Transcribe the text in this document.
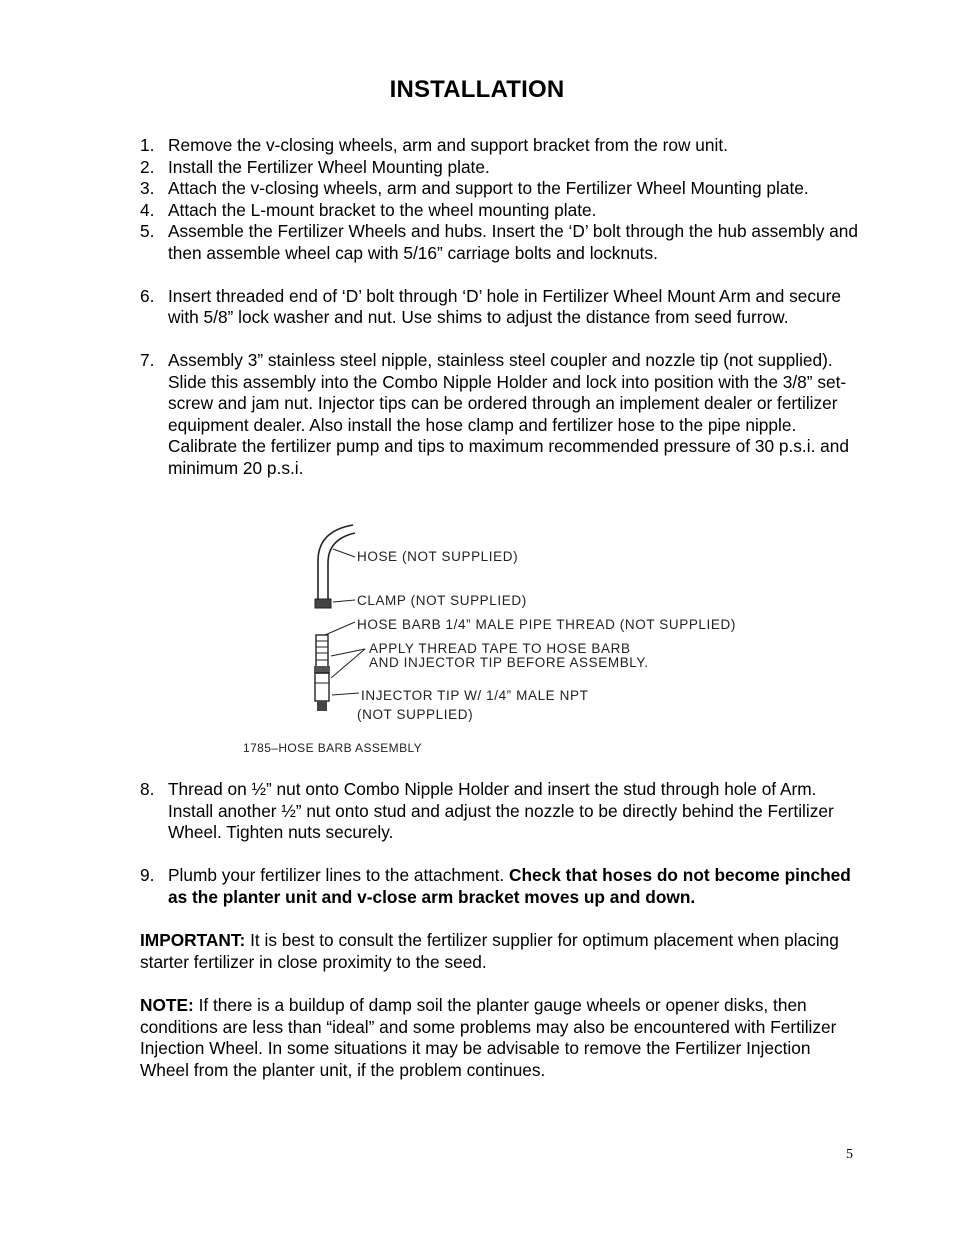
INSTALLATION
1. Remove the v-closing wheels, arm and support bracket from the row unit.
2. Install the Fertilizer Wheel Mounting plate.
3. Attach the v-closing wheels, arm and support to the Fertilizer Wheel Mounting plate.
4. Attach the L-mount bracket to the wheel mounting plate.
5. Assemble the Fertilizer Wheels and hubs. Insert the ‘D’ bolt through the hub assembly and then assemble wheel cap with 5/16” carriage bolts and locknuts.
6. Insert threaded end of ‘D’ bolt through ‘D’ hole in Fertilizer Wheel Mount Arm and secure with 5/8” lock washer and nut. Use shims to adjust the distance from seed furrow.
7. Assembly 3” stainless steel nipple, stainless steel coupler and nozzle tip (not supplied). Slide this assembly into the Combo Nipple Holder and lock into position with the 3/8” set-screw and jam nut. Injector tips can be ordered through an implement dealer or fertilizer equipment dealer. Also install the hose clamp and fertilizer hose to the pipe nipple. Calibrate the fertilizer pump and tips to maximum recommended pressure of 30 p.s.i. and minimum 20 p.s.i.
HOSE (NOT SUPPLIED)
CLAMP (NOT SUPPLIED)
HOSE BARB 1/4” MALE PIPE THREAD (NOT SUPPLIED)
APPLY THREAD TAPE TO HOSE BARB
AND INJECTOR TIP BEFORE ASSEMBLY.
INJECTOR TIP W/ 1/4” MALE NPT
(NOT SUPPLIED)
1785–HOSE BARB ASSEMBLY
8. Thread on ½” nut onto Combo Nipple Holder and insert the stud through hole of Arm. Install another ½” nut onto stud and adjust the nozzle to be directly behind the Fertilizer Wheel. Tighten nuts securely.
9. Plumb your fertilizer lines to the attachment. Check that hoses do not become pinched as the planter unit and v-close arm bracket moves up and down.
IMPORTANT: It is best to consult the fertilizer supplier for optimum placement when placing starter fertilizer in close proximity to the seed.
NOTE: If there is a buildup of damp soil the planter gauge wheels or opener disks, then conditions are less than “ideal” and some problems may also be encountered with Fertilizer Injection Wheel. In some situations it may be advisable to remove the Fertilizer Injection Wheel from the planter unit, if the problem continues.
5
